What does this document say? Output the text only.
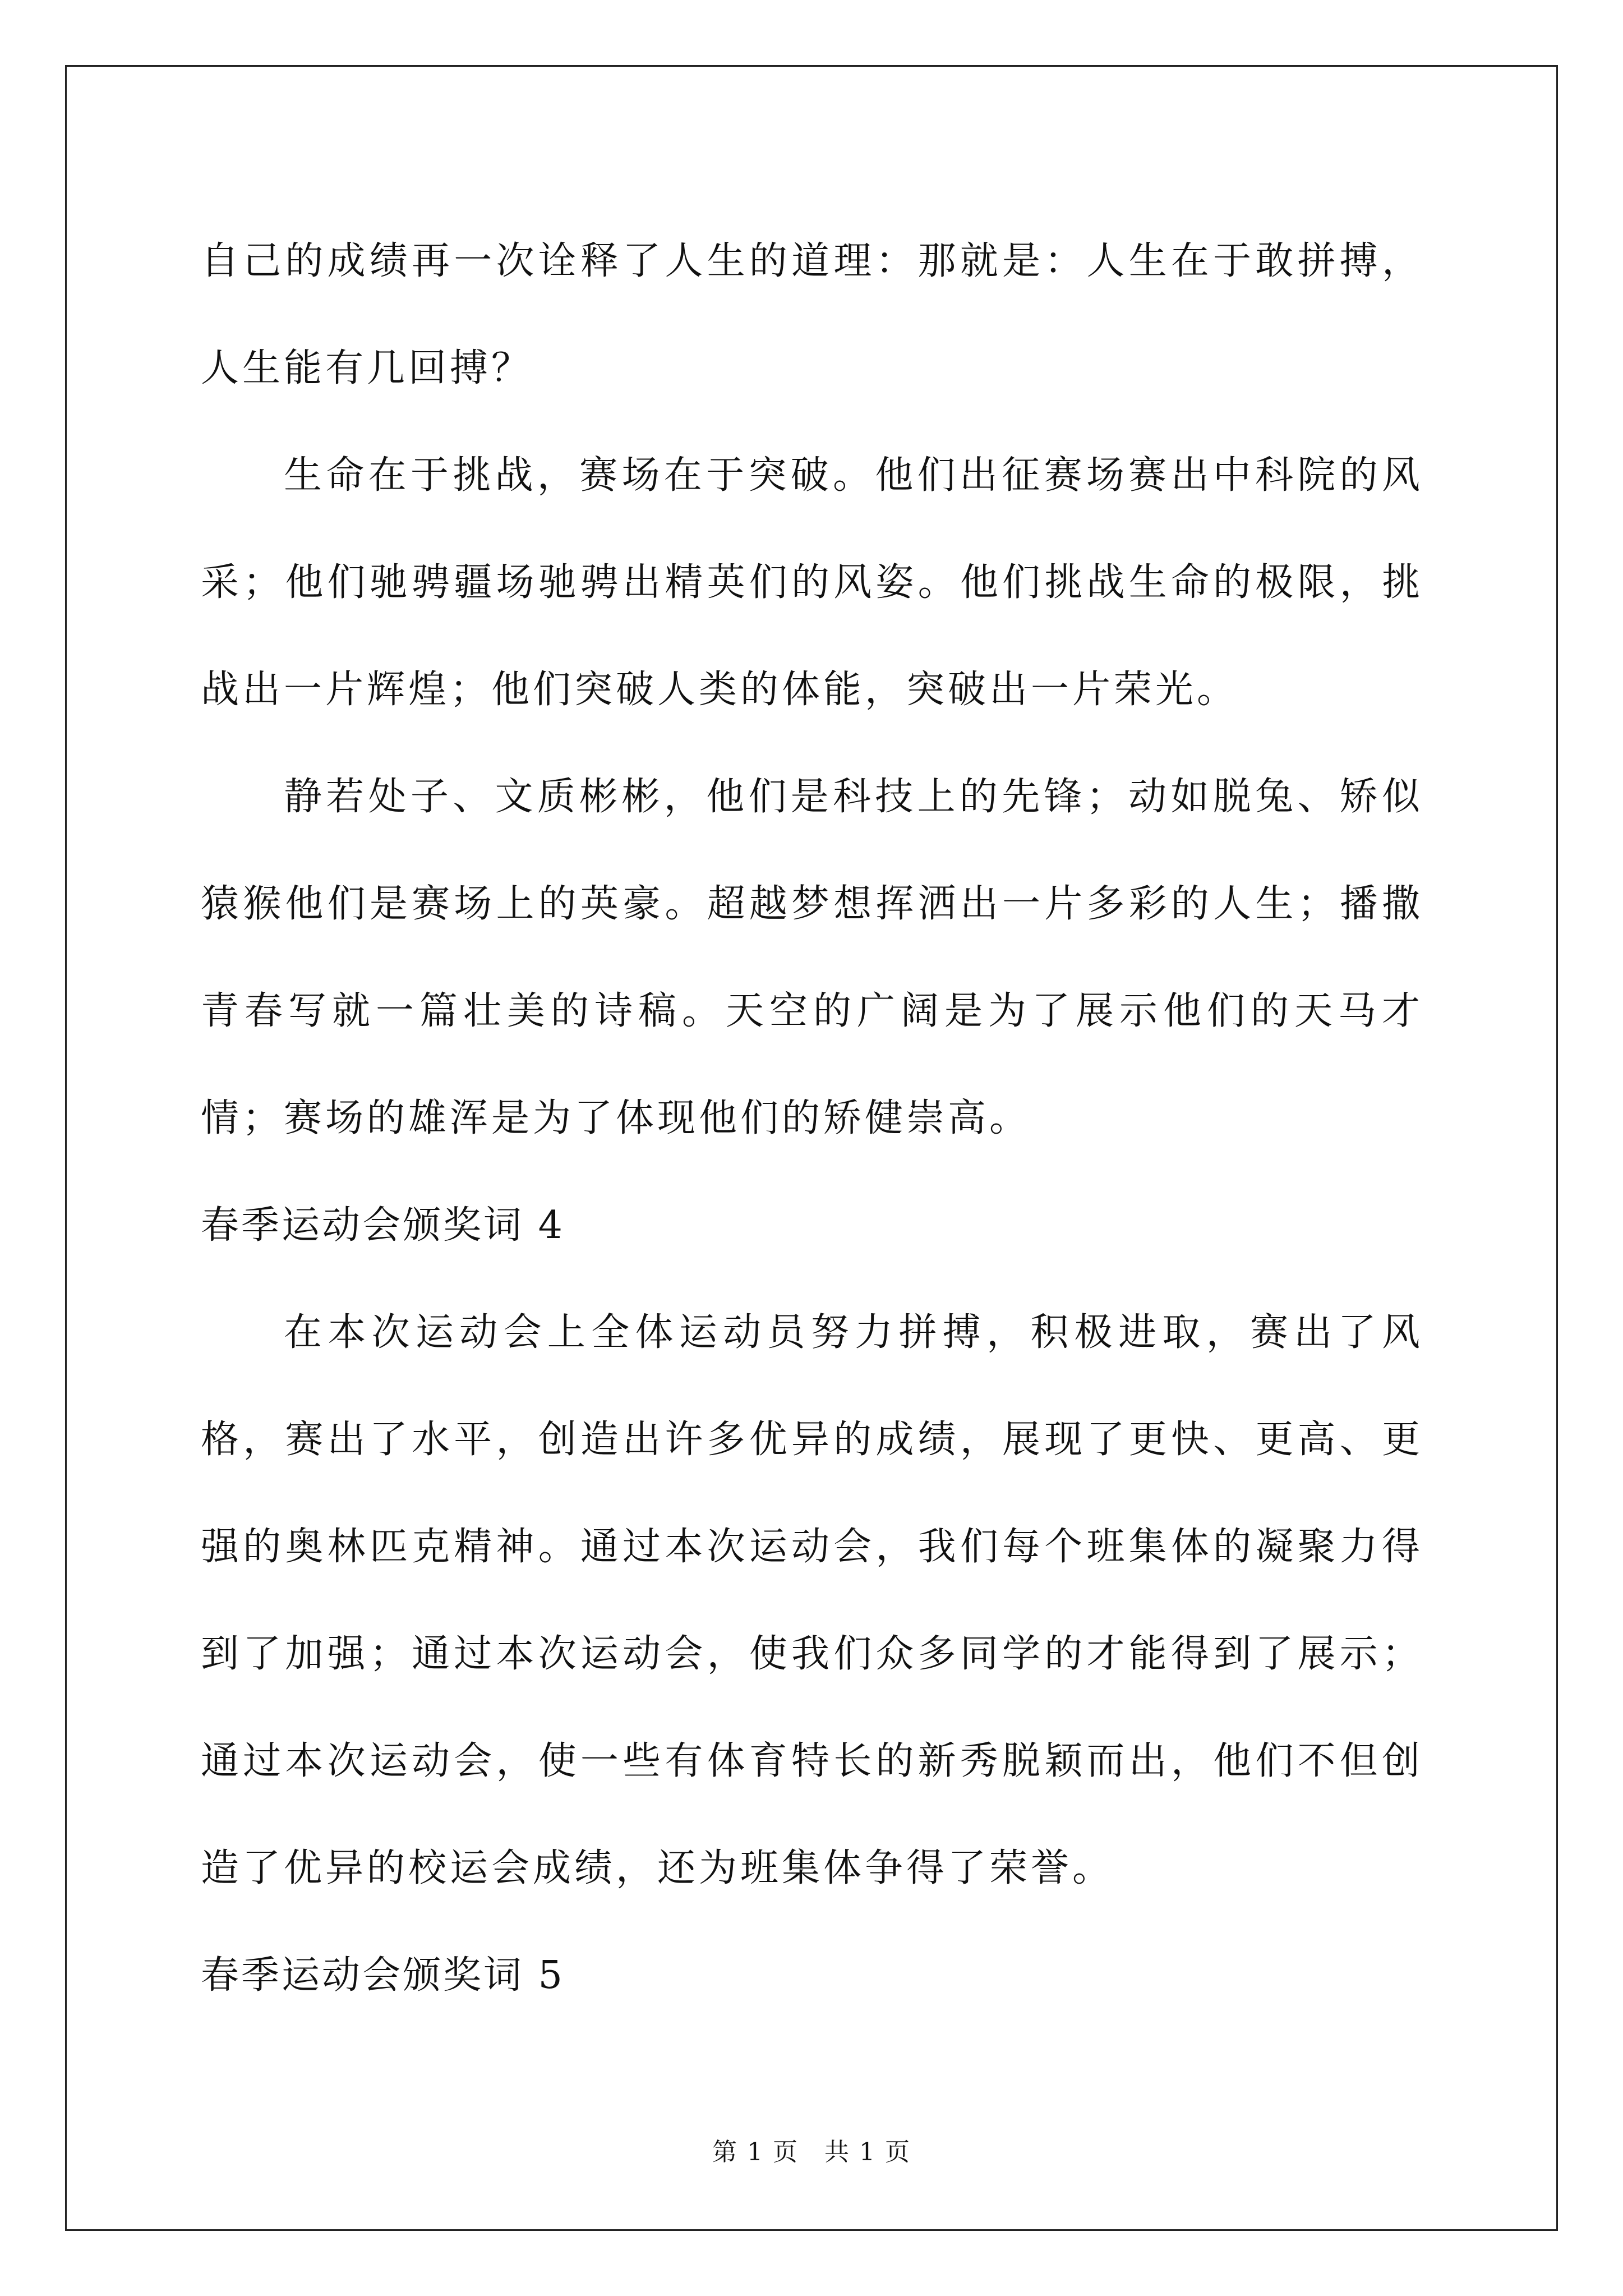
自己的成绩再一次诠释了人生的道理：那就是：人生在于敢拼搏，人生能有几回搏？

生命在于挑战，赛场在于突破。他们出征赛场赛出中科院的风采；他们驰骋疆场驰骋出精英们的风姿。他们挑战生命的极限，挑战出一片辉煌；他们突破人类的体能，突破出一片荣光。

静若处子、文质彬彬，他们是科技上的先锋；动如脱兔、矫似猿猴他们是赛场上的英豪。超越梦想挥洒出一片多彩的人生；播撒青春写就一篇壮美的诗稿。天空的广阔是为了展示他们的天马才情；赛场的雄浑是为了体现他们的矫健崇高。

春季运动会颁奖词 4

在本次运动会上全体运动员努力拼搏，积极进取，赛出了风格，赛出了水平，创造出许多优异的成绩，展现了更快、更高、更强的奥林匹克精神。通过本次运动会，我们每个班集体的凝聚力得到了加强；通过本次运动会，使我们众多同学的才能得到了展示；通过本次运动会，使一些有体育特长的新秀脱颖而出，他们不但创造了优异的校运会成绩，还为班集体争得了荣誉。

春季运动会颁奖词 5

第 1 页　共 1 页
